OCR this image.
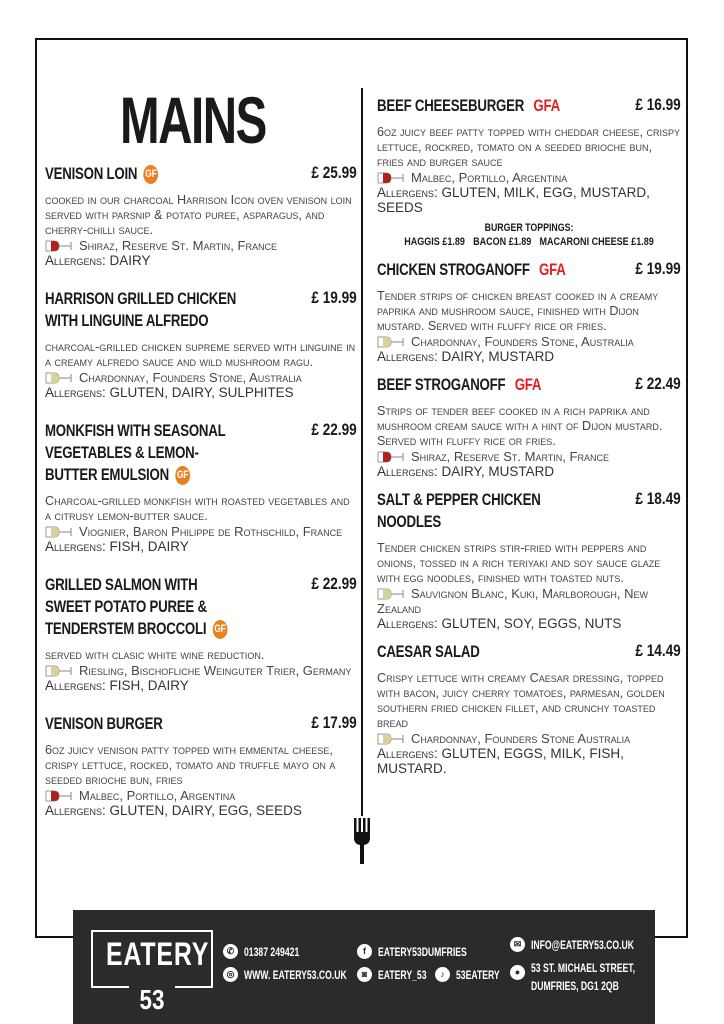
MAINS
VENISON LOIN GF	£ 25.99
cooked in our charcoal Harrison Icon oven venison loin served with parsnip & potato puree, asparagus, and cherry-chilli sauce.
Shiraz, Reserve St. Martin, France
Allergens: DAIRY
HARRISON GRILLED CHICKEN WITH LINGUINE ALFREDO
£ 19.99
charcoal-grilled chicken supreme served with linguine in a creamy alfredo sauce and wild mushroom ragu.
Chardonnay, Founders Stone, Australia
Allergens: GLUTEN, DAIRY, SULPHITES
MONKFISH WITH SEASONAL VEGETABLES & LEMON-BUTTER EMULSION GF
£ 22.99
Charcoal-grilled monkfish with roasted vegetables and a citrusy lemon-butter sauce.
Viognier, Baron Philippe de Rothschild, France
Allergens: FISH, DAIRY
GRILLED SALMON WITH SWEET POTATO PUREE & TENDERSTEM BROCCOLI GF
£ 22.99
served with clasic white wine reduction.
Riesling, Bischofliche Weinguter Trier, Germany
Allergens: FISH, DAIRY
VENISON BURGER	£ 17.99
6oz juicy venison patty topped with emmental cheese, crispy lettuce, rocked, tomato and truffle mayo on a seeded brioche bun, fries
Malbec, Portillo, Argentina
Allergens: GLUTEN, DAIRY, EGG, SEEDS
BEEF CHEESEBURGER GFA	£ 16.99
6oz juicy beef patty topped with cheddar cheese, crispy lettuce, rockred, tomato on a seeded brioche bun, fries and burger sauce
Malbec, Portillo, Argentina
Allergens: GLUTEN, MILK, EGG, MUSTARD, SEEDS
BURGER TOPPINGS:
HAGGIS £1.89 BACON £1.89 MACARONI CHEESE £1.89
CHICKEN STROGANOFF GFA	£ 19.99
Tender strips of chicken breast cooked in a creamy paprika and mushroom sauce, finished with Dijon mustard. Served with fluffy rice or fries.
Chardonnay, Founders Stone, Australia
Allergens: DAIRY, MUSTARD
BEEF STROGANOFF GFA	£ 22.49
Strips of tender beef cooked in a rich paprika and mushroom cream sauce with a hint of Dijon mustard. Served with fluffy rice or fries.
Shiraz, Reserve St. Martin, France
Allergens: DAIRY, MUSTARD
SALT & PEPPER CHICKEN NOODLES
£ 18.49
Tender chicken strips stir-fried with peppers and onions, tossed in a rich teriyaki and soy sauce glaze with egg noodles, finished with toasted nuts.
Sauvignon Blanc, Kuki, Marlborough, New Zealand
Allergens: GLUTEN, SOY, EGGS, NUTS
CAESAR SALAD	£ 14.49
Crispy lettuce with creamy Caesar dressing, topped with bacon, juicy cherry tomatoes, parmesan, golden southern fried chicken fillet, and crunchy toasted bread
Chardonnay, Founders Stone Australia
Allergens: GLUTEN, EGGS, MILK, FISH, MUSTARD.
EATERY
53
✆ 01387 249421
◎ WWW. EATERY53.CO.UK
f	EATERY53DUMFRIES
◙ EATERY_53	♪ 53EATERY
✉ INFO@EATERY53.CO.UK
● 53 ST. MICHAEL STREET,
DUMFRIES, DG1 2QB
